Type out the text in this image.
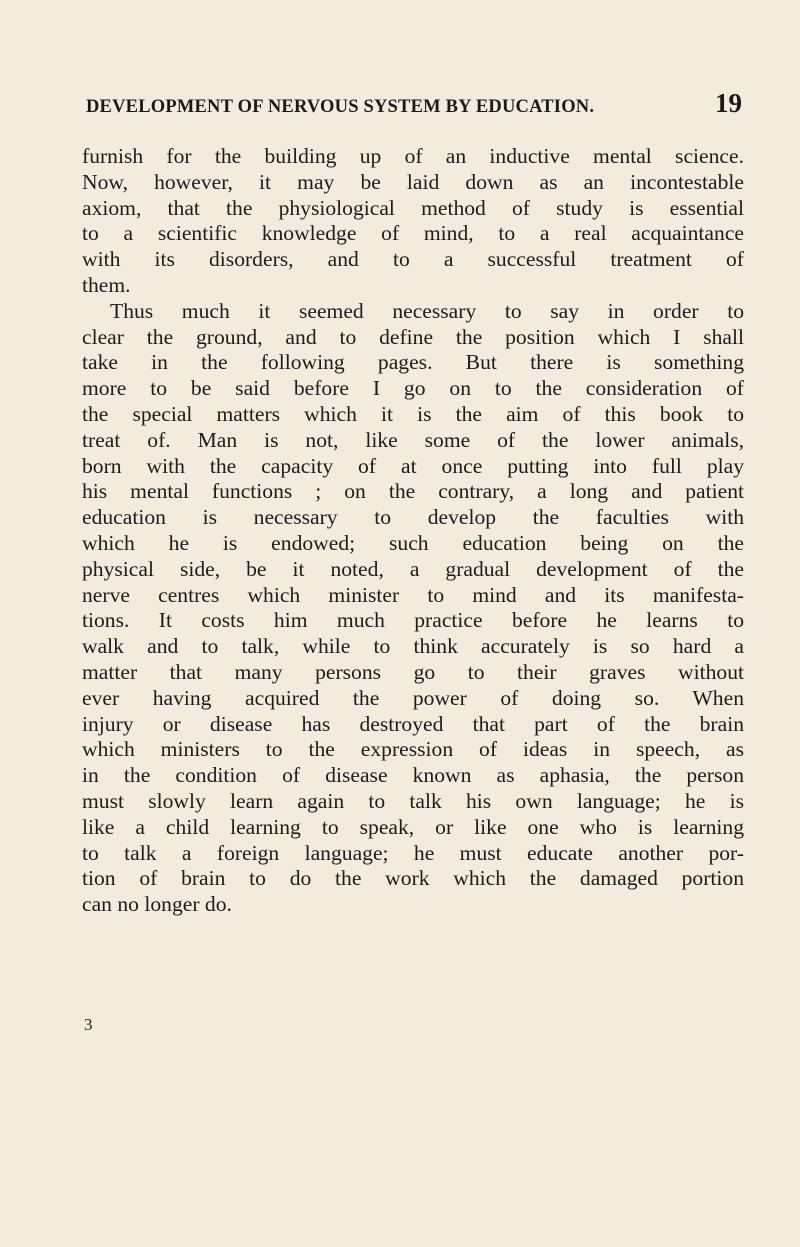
DEVELOPMENT OF NERVOUS SYSTEM BY EDUCATION.	19
furnish for the building up of an inductive mental science.
Now, however, it may be laid down as an incontestable
axiom, that the physiological method of study is essential
to a scientific knowledge of mind, to a real acquaintance
with its disorders, and to a successful treatment of
them.
Thus much it seemed necessary to say in order to
clear the ground, and to define the position which I shall
take in the following pages. But there is something
more to be said before I go on to the consideration of
the special matters which it is the aim of this book to
treat of. Man is not, like some of the lower animals,
born with the capacity of at once putting into full play
his mental functions ; on the contrary, a long and patient
education is necessary to develop the faculties with
which he is endowed; such education being on the
physical side, be it noted, a gradual development of the
nerve centres which minister to mind and its manifesta-
tions. It costs him much practice before he learns to
walk and to talk, while to think accurately is so hard a
matter that many persons go to their graves without
ever having acquired the power of doing so. When
injury or disease has destroyed that part of the brain
which ministers to the expression of ideas in speech, as
in the condition of disease known as aphasia, the person
must slowly learn again to talk his own language; he is
like a child learning to speak, or like one who is learning
to talk a foreign language; he must educate another por-
tion of brain to do the work which the damaged portion
can no longer do.
3
